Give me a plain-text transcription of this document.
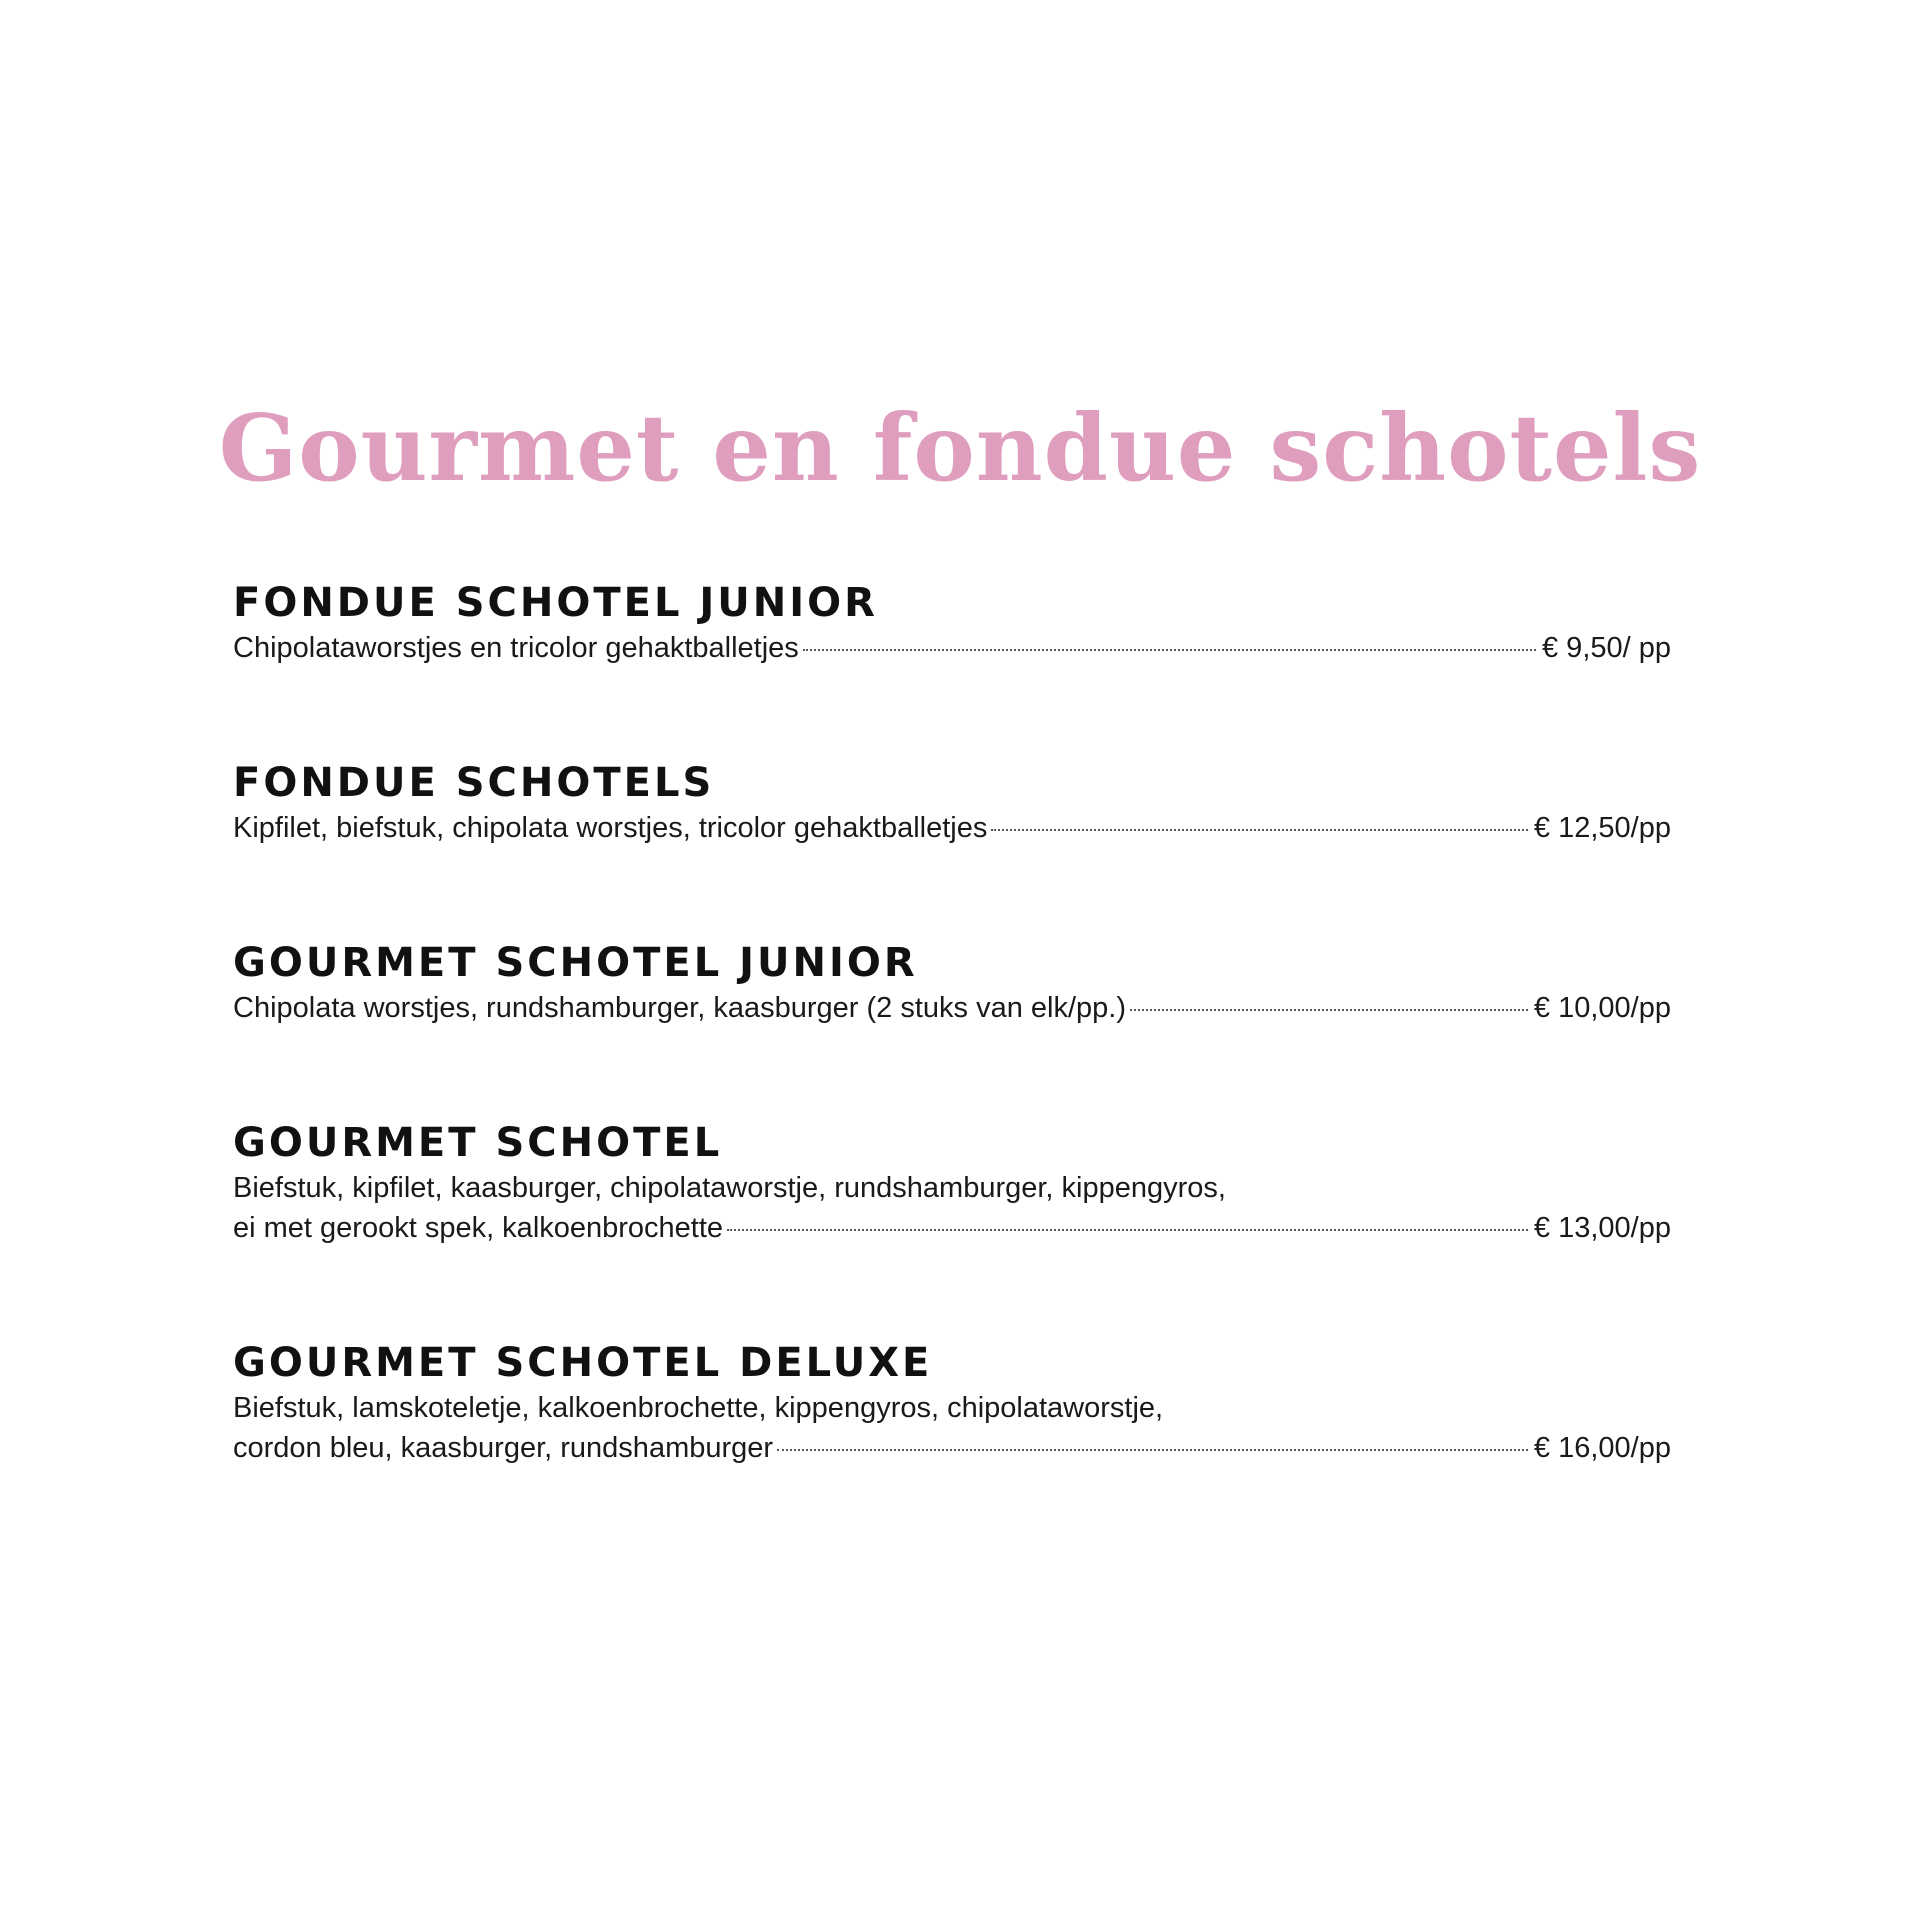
Gourmet en fondue schotels
FONDUE SCHOTEL JUNIOR
Chipolataworstjes en tricolor gehaktballetjes	€ 9,50/ pp
FONDUE SCHOTELS
Kipfilet, biefstuk, chipolata worstjes, tricolor gehaktballetjes	€ 12,50/pp
GOURMET SCHOTEL JUNIOR
Chipolata worstjes, rundshamburger, kaasburger (2 stuks van elk/pp.)	€ 10,00/pp
GOURMET SCHOTEL
Biefstuk, kipfilet, kaasburger, chipolataworstje, rundshamburger, kippengyros,
ei met gerookt spek, kalkoenbrochette	€ 13,00/pp
GOURMET SCHOTEL DELUXE
Biefstuk, lamskoteletje, kalkoenbrochette, kippengyros, chipolataworstje,
cordon bleu, kaasburger, rundshamburger	€ 16,00/pp
